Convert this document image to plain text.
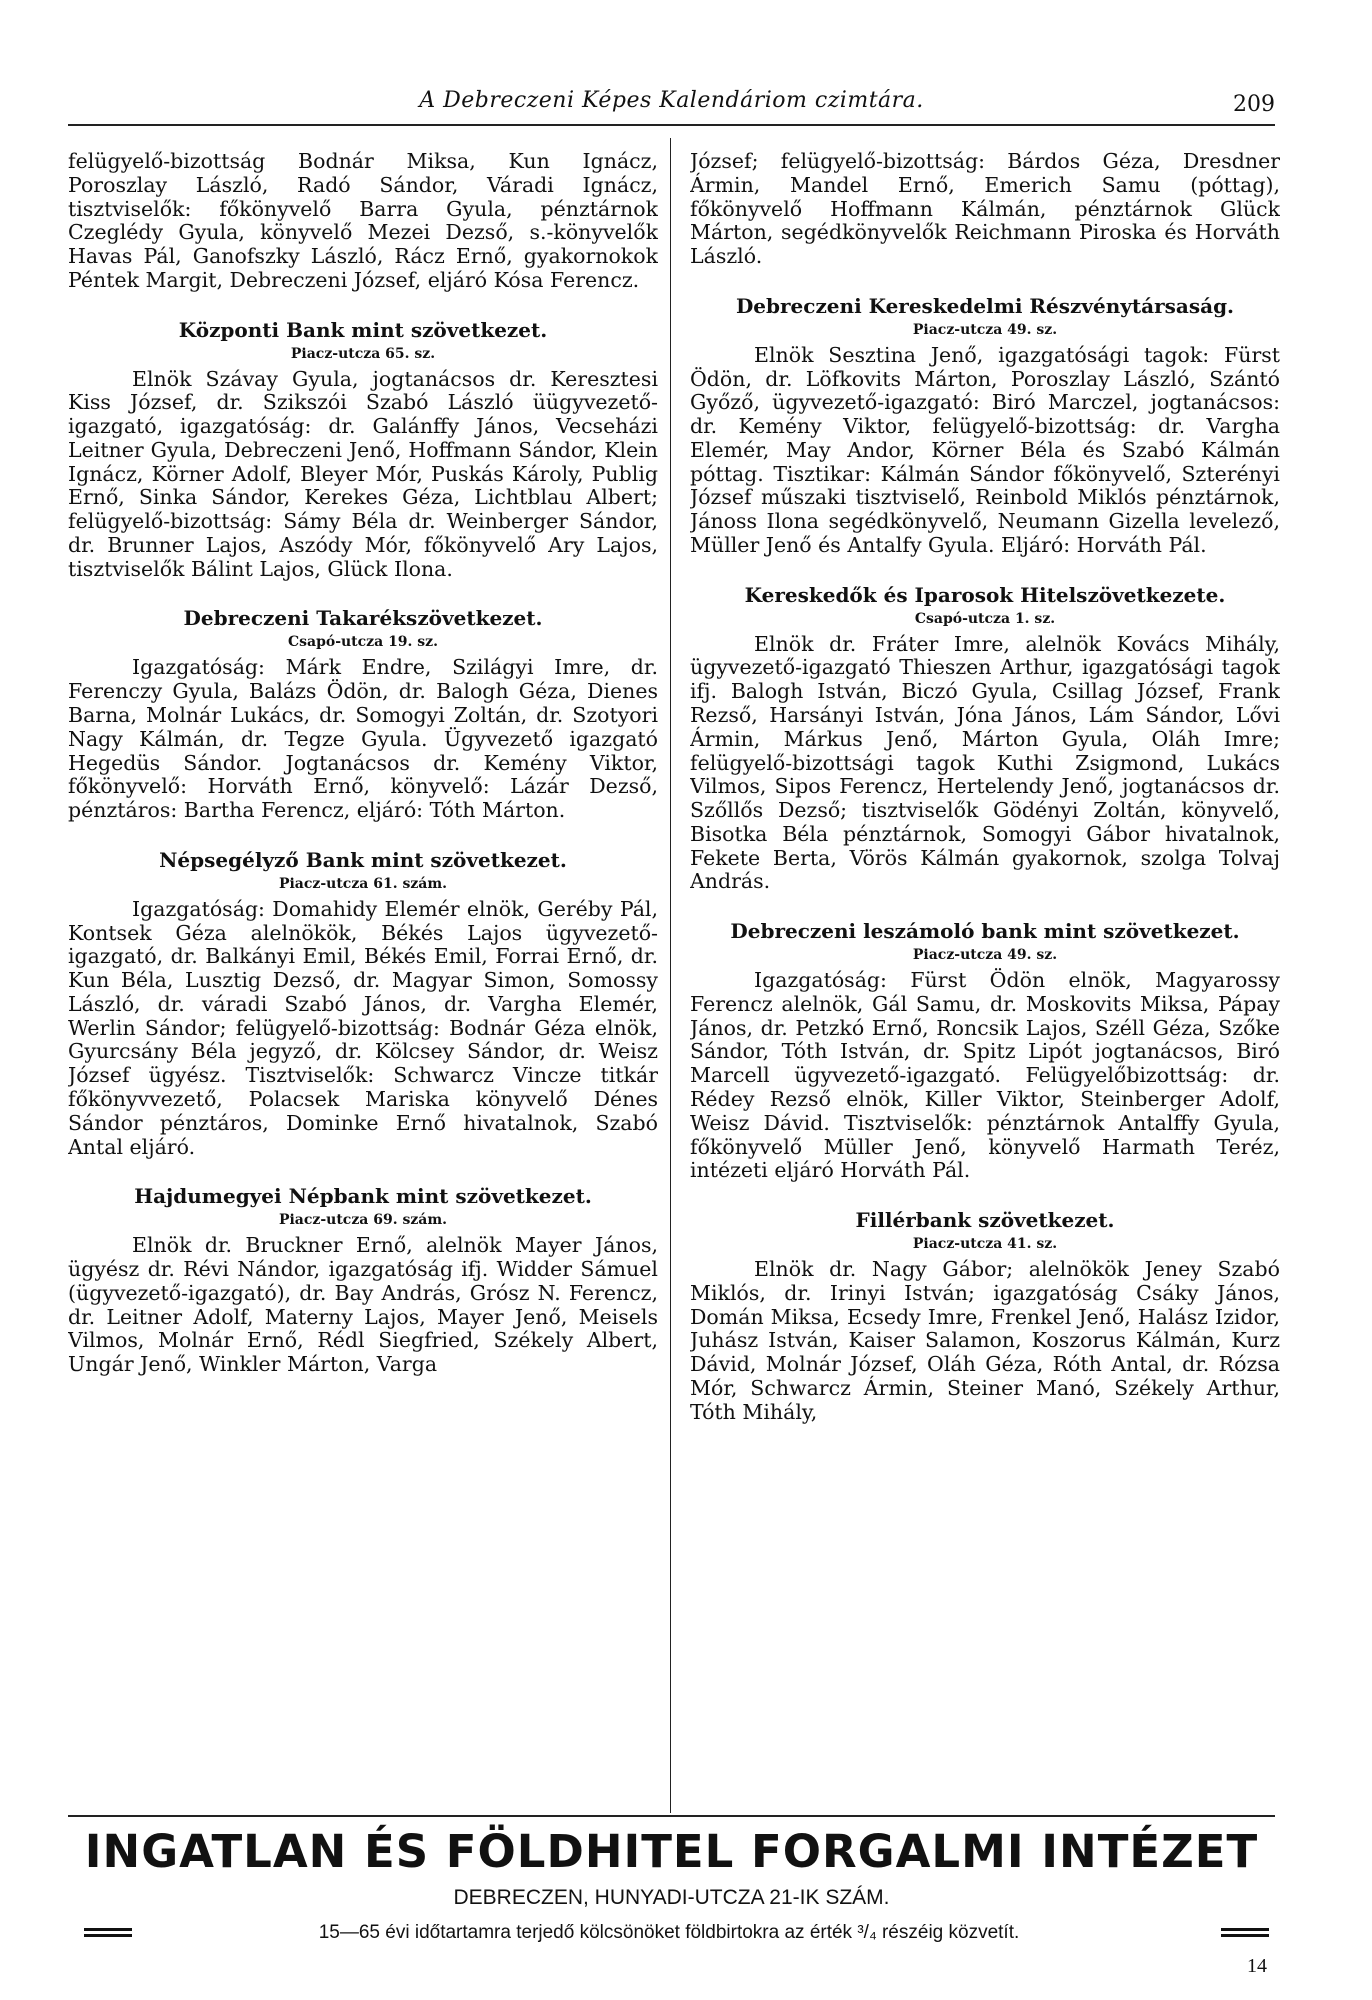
A Debreczeni Képes Kalendáriom czimtára.	209

felügyelő-bizottság Bodnár Miksa, Kun Ignácz, Poroszlay László, Radó Sándor, Váradi Ignácz, tisztviselők: főkönyvelő Barra Gyula, pénztárnok Czeglédy Gyula, könyvelő Mezei Dezső, s.-könyvelők Havas Pál, Ganofszky László, Rácz Ernő, gyakornokok Péntek Margit, Debreczeni József, eljáró Kósa Ferencz.

Központi Bank mint szövetkezet.
Piacz-utcza 65. sz.

Elnök Szávay Gyula, jogtanácsos dr. Keresztesi Kiss József, dr. Szikszói Szabó László üügyvezető-igazgató, igazgatóság: dr. Galánffy János, Vecseházi Leitner Gyula, Debreczeni Jenő, Hoffmann Sándor, Klein Ignácz, Körner Adolf, Bleyer Mór, Puskás Károly, Publig Ernő, Sinka Sándor, Kerekes Géza, Lichtblau Albert; felügyelő-bizottság: Sámy Béla dr. Weinberger Sándor, dr. Brunner Lajos, Aszódy Mór, főkönyvelő Ary Lajos, tisztviselők Bálint Lajos, Glück Ilona.

Debreczeni Takarékszövetkezet.
Csapó-utcza 19. sz.

Igazgatóság: Márk Endre, Szilágyi Imre, dr. Ferenczy Gyula, Balázs Ödön, dr. Balogh Géza, Dienes Barna, Molnár Lukács, dr. Somogyi Zoltán, dr. Szotyori Nagy Kálmán, dr. Tegze Gyula. Ügyvezető igazgató Hegedüs Sándor. Jogtanácsos dr. Kemény Viktor, főkönyvelő: Horváth Ernő, könyvelő: Lázár Dezső, pénztáros: Bartha Ferencz, eljáró: Tóth Márton.

Népsegélyző Bank mint szövetkezet.
Piacz-utcza 61. szám.

Igazgatóság: Domahidy Elemér elnök, Geréby Pál, Kontsek Géza alelnökök, Békés Lajos ügyvezető-igazgató, dr. Balkányi Emil, Békés Emil, Forrai Ernő, dr. Kun Béla, Lusztig Dezső, dr. Magyar Simon, Somossy László, dr. váradi Szabó János, dr. Vargha Elemér, Werlin Sándor; felügyelő-bizottság: Bodnár Géza elnök, Gyurcsány Béla jegyző, dr. Kölcsey Sándor, dr. Weisz József ügyész. Tisztviselők: Schwarcz Vincze titkár főkönyvvezető, Polacsek Mariska könyvelő Dénes Sándor pénztáros, Dominke Ernő hivatalnok, Szabó Antal eljáró.

Hajdumegyei Népbank mint szövetkezet.
Piacz-utcza 69. szám.

Elnök dr. Bruckner Ernő, alelnök Mayer János, ügyész dr. Révi Nándor, igazgatóság ifj. Widder Sámuel (ügyvezető-igazgató), dr. Bay András, Grósz N. Ferencz, dr. Leitner Adolf, Materny Lajos, Mayer Jenő, Meisels Vilmos, Molnár Ernő, Rédl Siegfried, Székely Albert, Ungár Jenő, Winkler Márton, Varga

József; felügyelő-bizottság: Bárdos Géza, Dresdner Ármin, Mandel Ernő, Emerich Samu (póttag), főkönyvelő Hoffmann Kálmán, pénztárnok Glück Márton, segédkönyvelők Reichmann Piroska és Horváth László.

Debreczeni Kereskedelmi Részvénytársaság.
Piacz-utcza 49. sz.

Elnök Sesztina Jenő, igazgatósági tagok: Fürst Ödön, dr. Löfkovits Márton, Poroszlay László, Szántó Győző, ügyvezető-igazgató: Biró Marczel, jogtanácsos: dr. Kemény Viktor, felügyelő-bizottság: dr. Vargha Elemér, May Andor, Körner Béla és Szabó Kálmán póttag. Tisztikar: Kálmán Sándor főkönyvelő, Szterényi József műszaki tisztviselő, Reinbold Miklós pénztárnok, Jánoss Ilona segédkönyvelő, Neumann Gizella levelező, Müller Jenő és Antalfy Gyula. Eljáró: Horváth Pál.

Kereskedők és Iparosok Hitelszövetkezete.
Csapó-utcza 1. sz.

Elnök dr. Fráter Imre, alelnök Kovács Mihály, ügyvezető-igazgató Thieszen Arthur, igazgatósági tagok ifj. Balogh István, Biczó Gyula, Csillag József, Frank Rezső, Harsányi István, Jóna János, Lám Sándor, Lővi Ármin, Márkus Jenő, Márton Gyula, Oláh Imre; felügyelő-bizottsági tagok Kuthi Zsigmond, Lukács Vilmos, Sipos Ferencz, Hertelendy Jenő, jogtanácsos dr. Szőllős Dezső; tisztviselők Gödényi Zoltán, könyvelő, Bisotka Béla pénztárnok, Somogyi Gábor hivatalnok, Fekete Berta, Vörös Kálmán gyakornok, szolga Tolvaj András.

Debreczeni leszámoló bank mint szövetkezet.
Piacz-utcza 49. sz.

Igazgatóság: Fürst Ödön elnök, Magyarossy Ferencz alelnök, Gál Samu, dr. Moskovits Miksa, Pápay János, dr. Petzkó Ernő, Roncsik Lajos, Széll Géza, Szőke Sándor, Tóth István, dr. Spitz Lipót jogtanácsos, Biró Marcell ügyvezető-igazgató. Felügyelőbizottság: dr. Rédey Rezső elnök, Killer Viktor, Steinberger Adolf, Weisz Dávid. Tisztviselők: pénztárnok Antalffy Gyula, főkönyvelő Müller Jenő, könyvelő Harmath Teréz, intézeti eljáró Horváth Pál.

Fillérbank szövetkezet.
Piacz-utcza 41. sz.

Elnök dr. Nagy Gábor; alelnökök Jeney Szabó Miklós, dr. Irinyi István; igazgatóság Csáky János, Domán Miksa, Ecsedy Imre, Frenkel Jenő, Halász Izidor, Juhász István, Kaiser Salamon, Koszorus Kálmán, Kurz Dávid, Molnár József, Oláh Géza, Róth Antal, dr. Rózsa Mór, Schwarcz Ármin, Steiner Manó, Székely Arthur, Tóth Mihály,

INGATLAN ÉS FÖLDHITEL FORGALMI INTÉZET
DEBRECZEN, HUNYADI-UTCZA 21-IK SZÁM.
15—65 évi időtartamra terjedő kölcsönöket földbirtokra az érték ³/₄ részéig közvetít.
14
